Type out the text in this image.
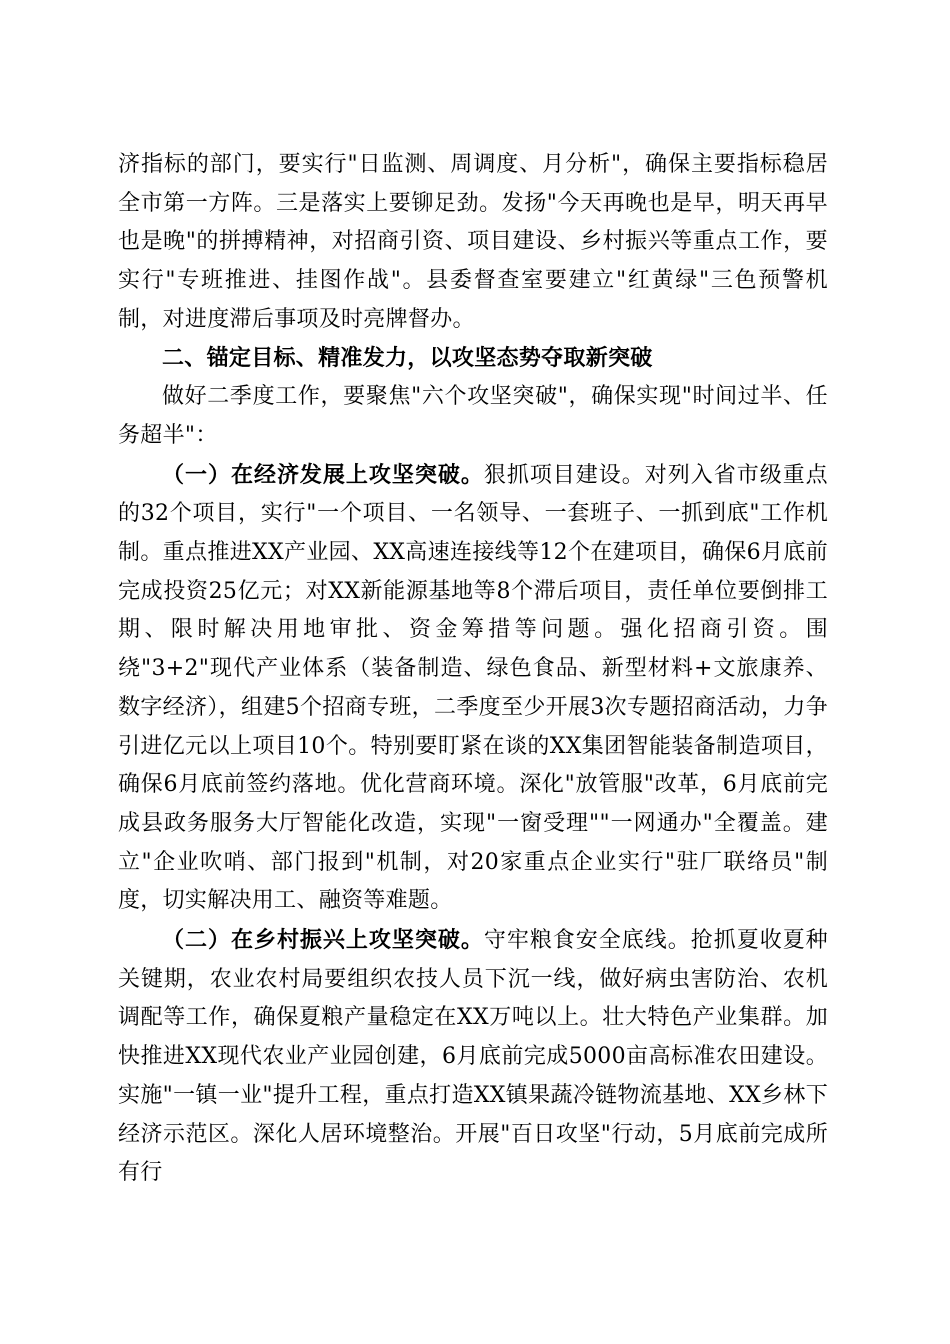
济指标的部门，要实行"日监测、周调度、月分析"，确保主要指标稳居全市第一方阵。三是落实上要铆足劲。发扬"今天再晚也是早，明天再早也是晚"的拼搏精神，对招商引资、项目建设、乡村振兴等重点工作，要实行"专班推进、挂图作战"。县委督查室要建立"红黄绿"三色预警机制，对进度滞后事项及时亮牌督办。

二、锚定目标、精准发力，以攻坚态势夺取新突破

做好二季度工作，要聚焦"六个攻坚突破"，确保实现"时间过半、任务超半"：

（一）在经济发展上攻坚突破。狠抓项目建设。对列入省市级重点的32个项目，实行"一个项目、一名领导、一套班子、一抓到底"工作机制。重点推进XX产业园、XX高速连接线等12个在建项目，确保6月底前完成投资25亿元；对XX新能源基地等8个滞后项目，责任单位要倒排工期、限时解决用地审批、资金筹措等问题。强化招商引资。围绕"3+2"现代产业体系（装备制造、绿色食品、新型材料+文旅康养、数字经济），组建5个招商专班，二季度至少开展3次专题招商活动，力争引进亿元以上项目10个。特别要盯紧在谈的XX集团智能装备制造项目，确保6月底前签约落地。优化营商环境。深化"放管服"改革，6月底前完成县政务服务大厅智能化改造，实现"一窗受理""一网通办"全覆盖。建立"企业吹哨、部门报到"机制，对20家重点企业实行"驻厂联络员"制度，切实解决用工、融资等难题。

（二）在乡村振兴上攻坚突破。守牢粮食安全底线。抢抓夏收夏种关键期，农业农村局要组织农技人员下沉一线，做好病虫害防治、农机调配等工作，确保夏粮产量稳定在XX万吨以上。壮大特色产业集群。加快推进XX现代农业产业园创建，6月底前完成5000亩高标准农田建设。实施"一镇一业"提升工程，重点打造XX镇果蔬冷链物流基地、XX乡林下经济示范区。深化人居环境整治。开展"百日攻坚"行动，5月底前完成所有行
